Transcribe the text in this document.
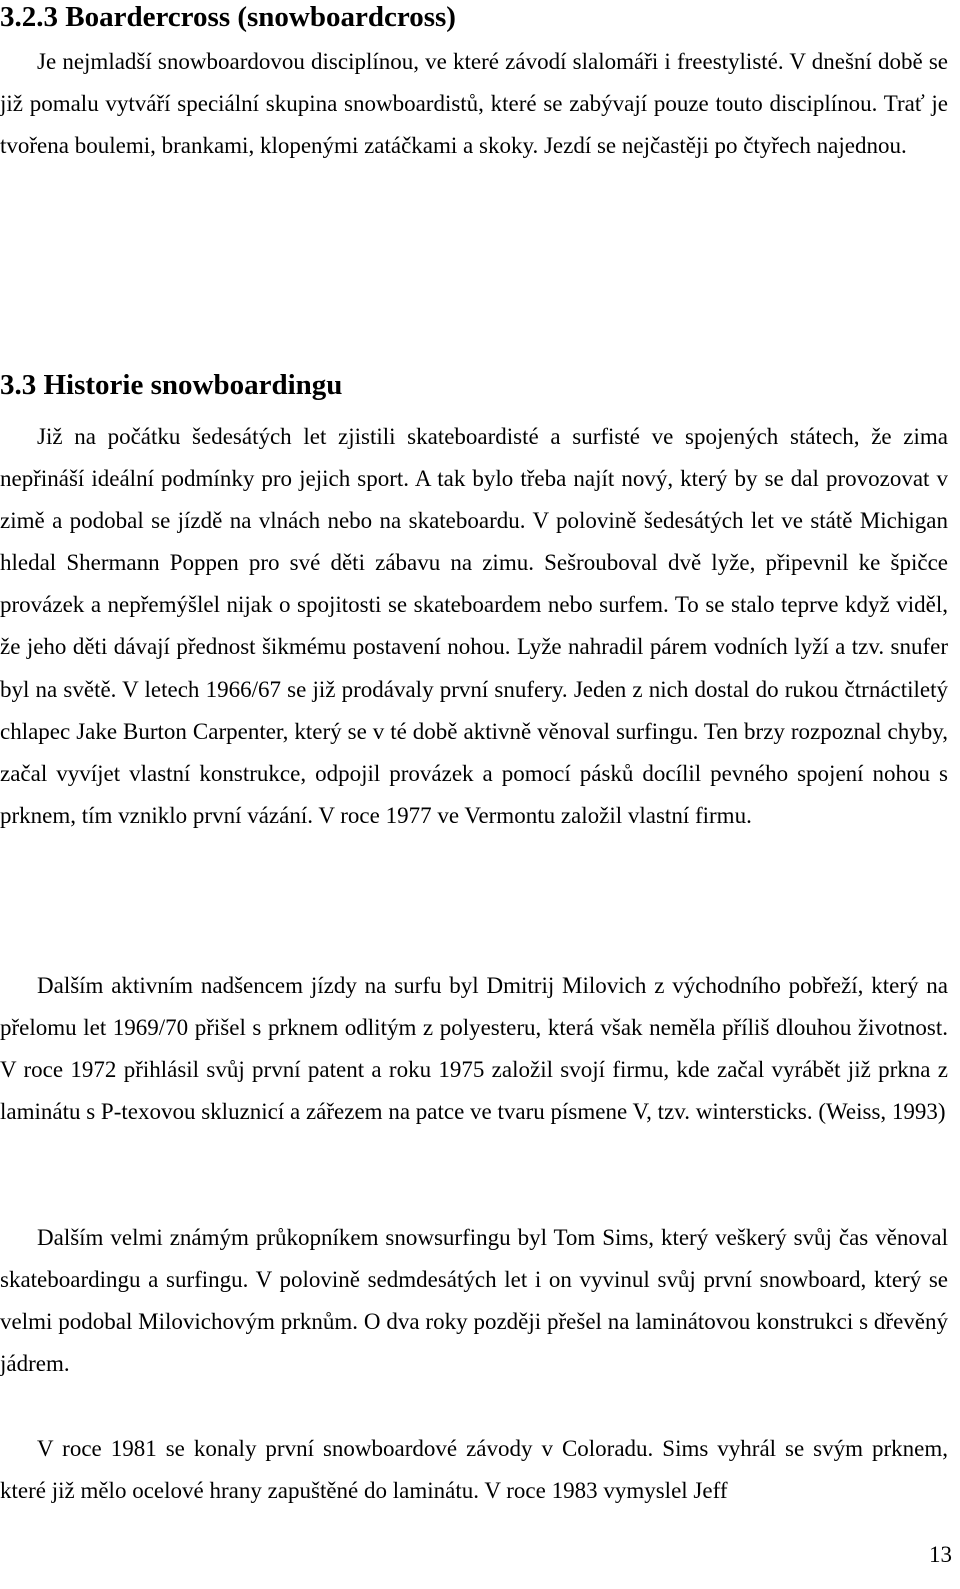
3.2.3 Boardercross (snowboardcross)

Je nejmladší snowboardovou disciplínou, ve které závodí slalomáři i freestylisté. V dnešní době se již pomalu vytváří speciální skupina snowboardistů, které se zabývají pouze touto disciplínou. Trať je tvořena boulemi, brankami, klopenými zatáčkami a skoky. Jezdí se nejčastěji po čtyřech najednou.

3.3 Historie snowboardingu

Již na počátku šedesátých let zjistili skateboardisté a surfisté ve spojených státech, že zima nepřináší ideální podmínky pro jejich sport. A tak bylo třeba najít nový, který by se dal provozovat v zimě a podobal se jízdě na vlnách nebo na skateboardu. V polovině šedesátých let ve státě Michigan hledal Shermann Poppen pro své děti zábavu na zimu. Sešrouboval dvě lyže, připevnil ke špičce provázek a nepřemýšlel nijak o spojitosti se skateboardem nebo surfem. To se stalo teprve když viděl, že jeho děti dávají přednost šikmému postavení nohou. Lyže nahradil párem vodních lyží a tzv. snufer byl na světě. V letech 1966/67 se již prodávaly první snufery. Jeden z nich dostal do rukou čtrnáctiletý chlapec Jake Burton Carpenter, který se v té době aktivně věnoval surfingu. Ten brzy rozpoznal chyby, začal vyvíjet vlastní konstrukce, odpojil provázek a pomocí pásků docílil pevného spojení nohou s prknem, tím vzniklo první vázání. V roce 1977 ve Vermontu založil vlastní firmu.

Dalším aktivním nadšencem jízdy na surfu byl Dmitrij Milovich z východního pobřeží, který na přelomu let 1969/70 přišel s prknem odlitým z polyesteru, která však neměla příliš dlouhou životnost. V roce 1972 přihlásil svůj první patent a roku 1975 založil svojí firmu, kde začal vyrábět již prkna z laminátu s P-texovou skluznicí a zářezem na patce ve tvaru písmene V, tzv. wintersticks. (Weiss, 1993)

Dalším velmi známým průkopníkem snowsurfingu byl Tom Sims, který veškerý svůj čas věnoval skateboardingu a surfingu. V polovině sedmdesátých let i on vyvinul svůj první snowboard, který se velmi podobal Milovichovým prknům. O dva roky později přešel na laminátovou konstrukci s dřevěný jádrem.

V roce 1981 se konaly první snowboardové závody v Coloradu. Sims vyhrál se svým prknem, které již mělo ocelové hrany zapuštěné do laminátu. V roce 1983 vymyslel Jeff

13
